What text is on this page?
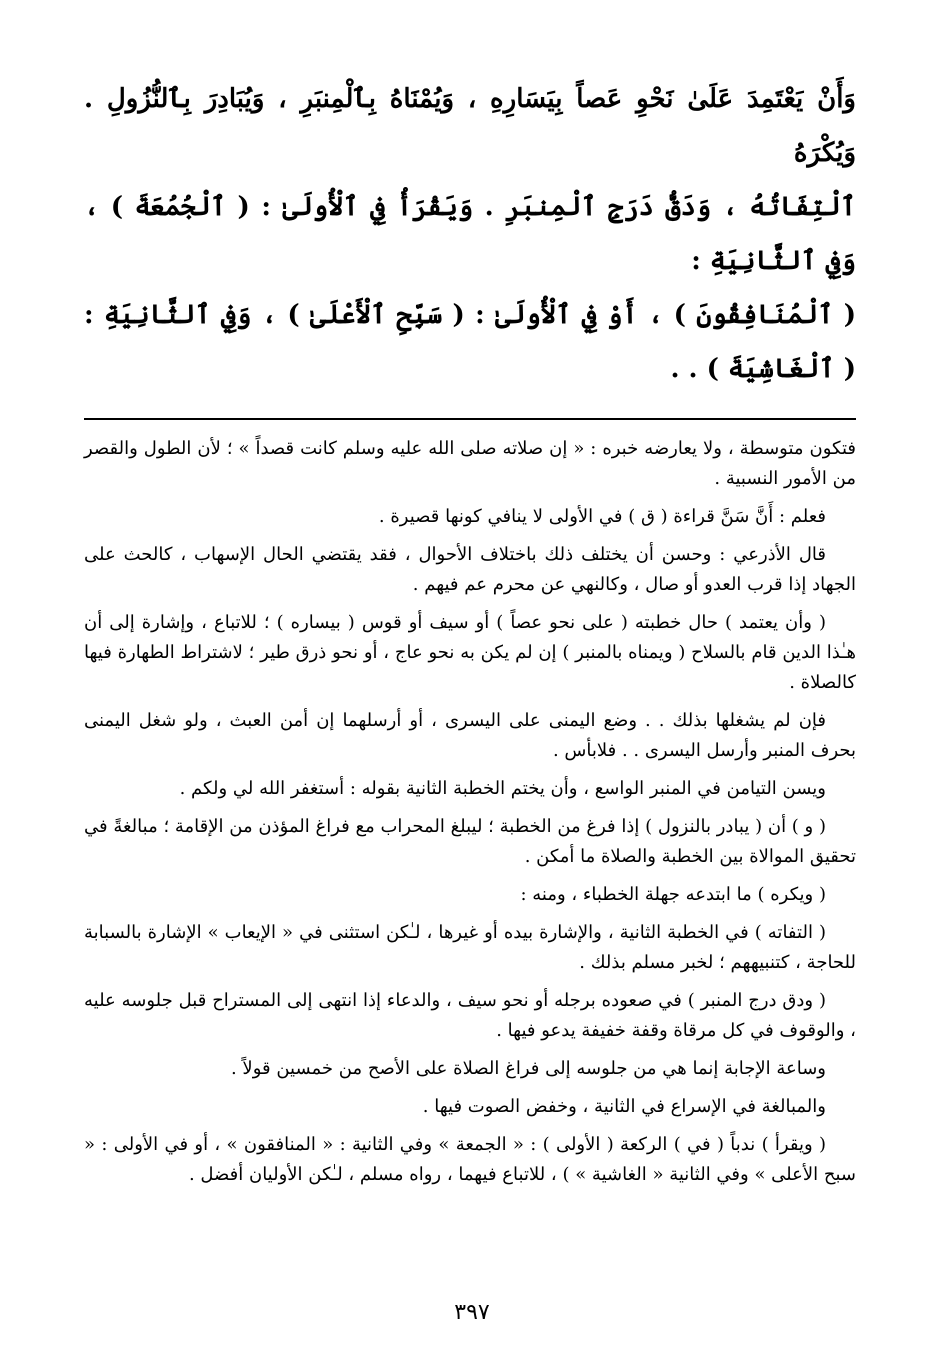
وَأَنْ يَعْتَمِدَ عَلَىٰ نَحْوِ عَصاً بِيَسَارِهِ ، وَيُمْنَاهُ بِٱلْمِنبَرِ ، وَيُبَادِرَ بِٱلنُّزُولِ . وَيُكْرَهُ

ٱلْتِفَاتُهُ ، وَدَقُّ دَرَجِ ٱلْمِنبَرِ . وَيَقْرَأُ فِي ٱلْأُولَىٰ : ( ٱلْجُمُعَةَ ) ، وَفِي ٱلثَّانِيَةِ :

( ٱلْمُنَافِقُونَ ) ، أَوْ فِي ٱلْأُولَىٰ : ( سَبِّحِ ٱلْأَعْلَىٰ ) ، وَفِي ٱلثَّانِيَةِ : ( ٱلْغَاشِيَةَ ) . .

فتكون متوسطة ، ولا يعارضه خبره : « إن صلاته صلى الله عليه وسلم كانت قصداً » ؛ لأن الطول والقصر من الأمور النسبية .

فعلم : أَنَّ سَنَّ قراءة ( ق ) في الأولى لا ينافي كونها قصيرة .

قال الأذرعي : وحسن أن يختلف ذلك باختلاف الأحوال ، فقد يقتضي الحال الإسهاب ، كالحث على الجهاد إذا قرب العدو أو صال ، وكالنهي عن محرم عم فيهم .

( وأن يعتمد ) حال خطبته ( على نحو عصاً ) أو سيف أو قوس ( بيساره ) ؛ للاتباع ، وإشارة إلى أن هـٰذا الدين قام بالسلاح ( ويمناه بالمنبر ) إن لم يكن به نحو عاج ، أو نحو ذرق طير ؛ لاشتراط الطهارة فيها كالصلاة .

فإن لم يشغلها بذلك . . وضع اليمنى على اليسرى ، أو أرسلهما إن أمن العبث ، ولو شغل اليمنى بحرف المنبر وأرسل اليسرى . . فلابأس .

ويسن التيامن في المنبر الواسع ، وأن يختم الخطبة الثانية بقوله : أستغفر الله لي ولكم .

( و ) أن ( يبادر بالنزول ) إذا فرغ من الخطبة ؛ ليبلغ المحراب مع فراغ المؤذن من الإقامة ؛ مبالغةً في تحقيق الموالاة بين الخطبة والصلاة ما أمكن .

( ويكره ) ما ابتدعه جهلة الخطباء ، ومنه :

( التفاته ) في الخطبة الثانية ، والإشارة بيده أو غيرها ، لـٰكن استثنى في « الإيعاب » الإشارة بالسبابة للحاجة ، كتنبيههم ؛ لخبر مسلم بذلك .

( ودق درج المنبر ) في صعوده برجله أو نحو سيف ، والدعاء إذا انتهى إلى المستراح قبل جلوسه عليه ، والوقوف في كل مرقاة وقفة خفيفة يدعو فيها .

وساعة الإجابة إنما هي من جلوسه إلى فراغ الصلاة على الأصح من خمسين قولاً .

والمبالغة في الإسراع في الثانية ، وخفض الصوت فيها .

( ويقرأ ) ندباً ( في ) الركعة ( الأولى ) : « الجمعة » وفي الثانية : « المنافقون » ، أو في الأولى : « سبح الأعلى » وفي الثانية « الغاشية » ) ، للاتباع فيهما ، رواه مسلم ، لـٰكن الأوليان أفضل .

٣٩٧
